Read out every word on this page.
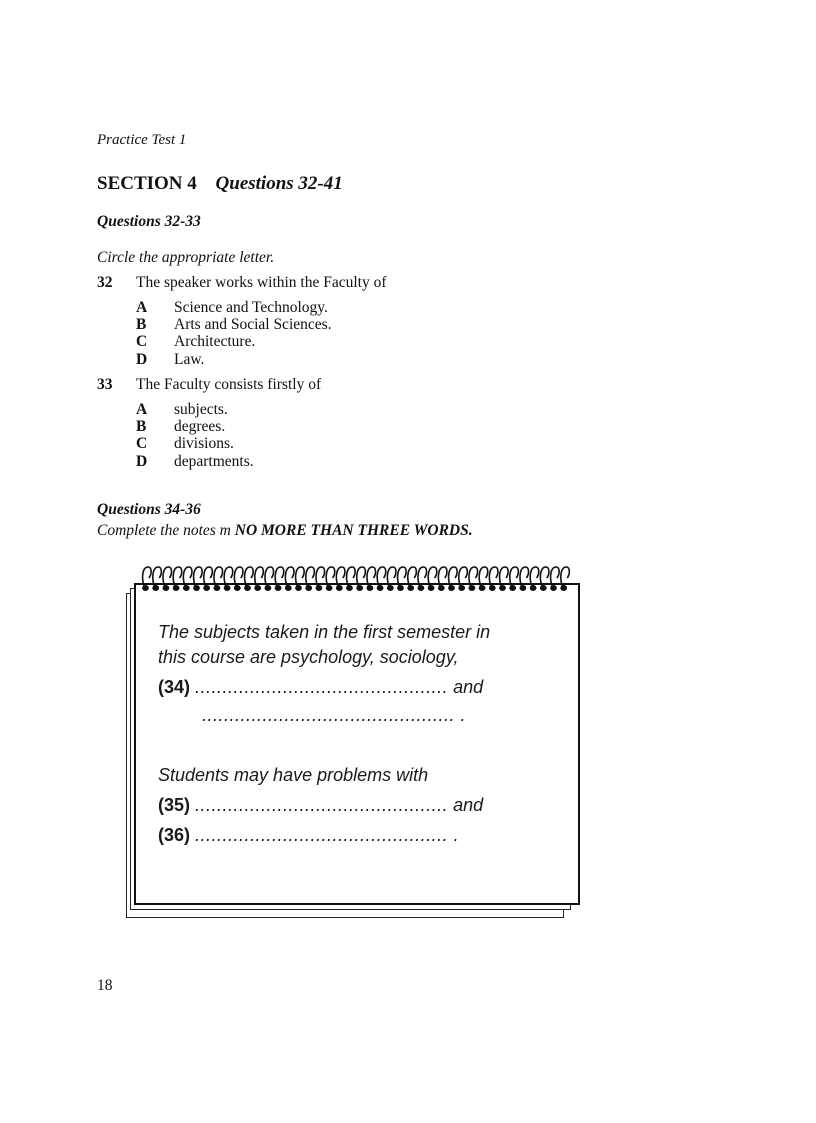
Practice Test 1
SECTION 4 Questions 32-41
Questions 32-33
Circle the appropriate letter.
32 The speaker works within the Faculty of
A Science and Technology.
B Arts and Social Sciences.
C Architecture.
D Law.
33 The Faculty consists firstly of
A subjects.
B degrees.
C divisions.
D departments.
Questions 34-36
Complete the notes m NO MORE THAN THREE WORDS.
The subjects taken in the first semester in
this course are psychology, sociology,
(34) .............................................. and
.............................................. .
Students may have problems with
(35) .............................................. and
(36) .............................................. .
18
